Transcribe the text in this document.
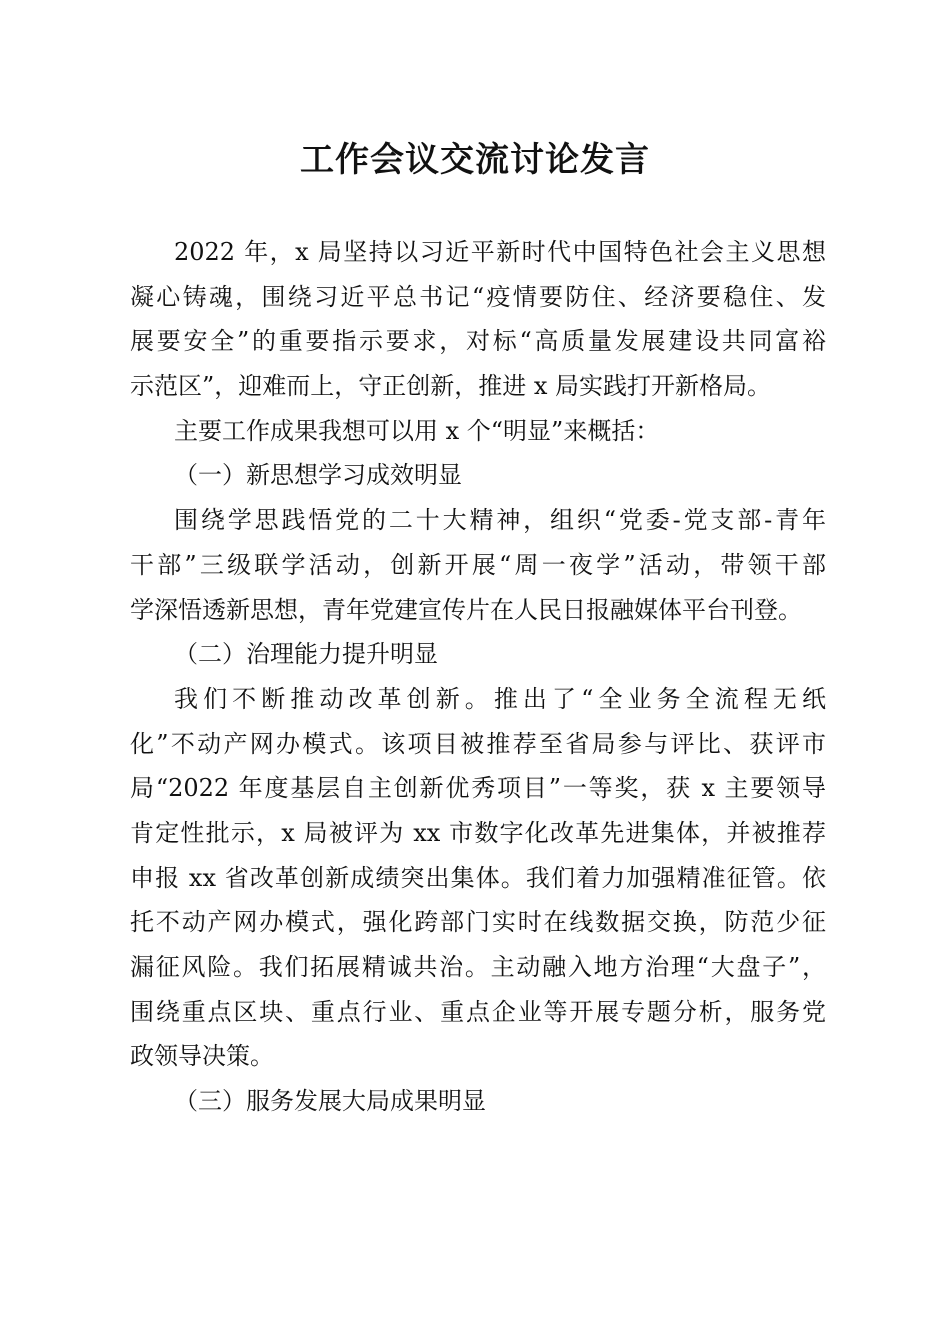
工作会议交流讨论发言
2022 年，x 局坚持以习近平新时代中国特色社会主义思想
凝心铸魂，围绕习近平总书记“疫情要防住、经济要稳住、发
展要安全”的重要指示要求，对标“高质量发展建设共同富裕
示范区”，迎难而上，守正创新，推进 x 局实践打开新格局。
主要工作成果我想可以用 x 个“明显”来概括：
（一）新思想学习成效明显
围绕学思践悟党的二十大精神，组织“党委-党支部-青年
干部”三级联学活动，创新开展“周一夜学”活动，带领干部
学深悟透新思想，青年党建宣传片在人民日报融媒体平台刊登。
（二）治理能力提升明显
我们不断推动改革创新。推出了“全业务全流程无纸
化”不动产网办模式。该项目被推荐至省局参与评比、获评市
局“2022 年度基层自主创新优秀项目”一等奖，获 x 主要领导
肯定性批示，x 局被评为 xx 市数字化改革先进集体，并被推荐
申报 xx 省改革创新成绩突出集体。我们着力加强精准征管。依
托不动产网办模式，强化跨部门实时在线数据交换，防范少征
漏征风险。我们拓展精诚共治。主动融入地方治理“大盘子”，
围绕重点区块、重点行业、重点企业等开展专题分析，服务党
政领导决策。
（三）服务发展大局成果明显
